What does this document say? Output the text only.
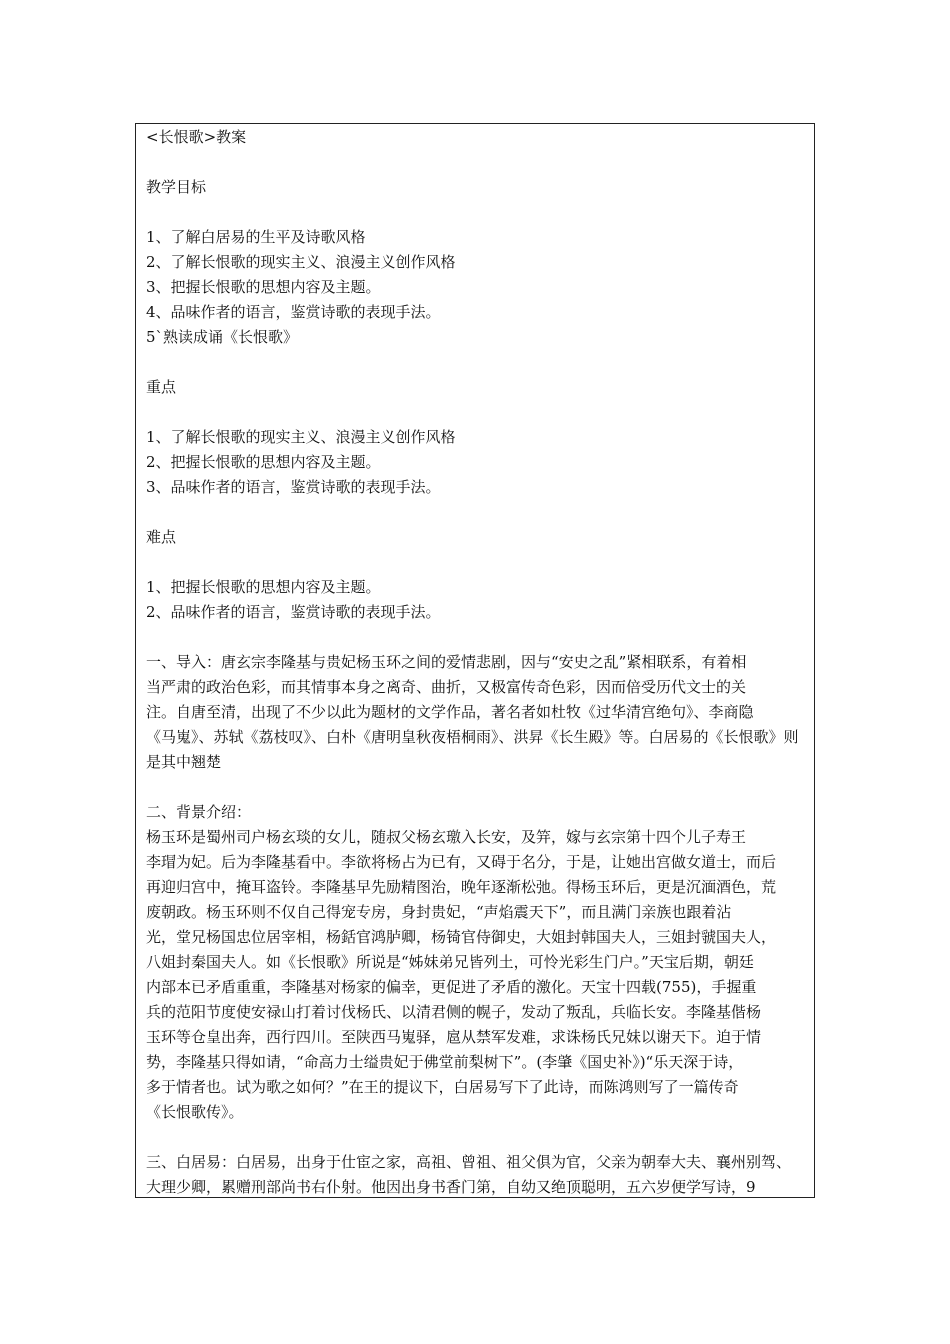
<长恨歌>教案
教学目标
1、了解白居易的生平及诗歌风格
2、了解长恨歌的现实主义、浪漫主义创作风格
3、把握长恨歌的思想内容及主题。
4、品味作者的语言，鉴赏诗歌的表现手法。
5`熟读成诵《长恨歌》
重点
1、了解长恨歌的现实主义、浪漫主义创作风格
2、把握长恨歌的思想内容及主题。
3、品味作者的语言，鉴赏诗歌的表现手法。
难点
1、把握长恨歌的思想内容及主题。
2、品味作者的语言，鉴赏诗歌的表现手法。

一、导入：唐玄宗李隆基与贵妃杨玉环之间的爱情悲剧，因与“安史之乱”紧相联系，有着相

当严肃的政治色彩，而其情事本身之离奇、曲折，又极富传奇色彩，因而倍受历代文士的关

注。自唐至清，出现了不少以此为题材的文学作品，著名者如杜牧《过华清宫绝句》、李商隐

《马嵬》、苏轼《荔枝叹》、白朴《唐明皇秋夜梧桐雨》、洪昇《长生殿》等。白居易的《长恨歌》则

是其中翘楚

二、背景介绍：

杨玉环是蜀州司户杨玄琰的女儿，随叔父杨玄璬入长安，及笄，嫁与玄宗第十四个儿子寿王

李瑁为妃。后为李隆基看中。李欲将杨占为已有，又碍于名分，于是，让她出宫做女道士，而后

再迎归宫中，掩耳盗铃。李隆基早先励精图治，晚年逐渐松弛。得杨玉环后，更是沉湎酒色，荒

废朝政。杨玉环则不仅自己得宠专房，身封贵妃，“声焰震天下”，而且满门亲族也跟着沾

光，堂兄杨国忠位居宰相，杨銛官鸿胪卿，杨锜官侍御史，大姐封韩国夫人，三姐封虢国夫人，

八姐封秦国夫人。如《长恨歌》所说是“姊妹弟兄皆列土，可怜光彩生门户。”天宝后期，朝廷

内部本已矛盾重重，李隆基对杨家的偏幸，更促进了矛盾的激化。天宝十四载(755)，手握重

兵的范阳节度使安禄山打着讨伐杨氏、以清君侧的幌子，发动了叛乱，兵临长安。李隆基偕杨

玉环等仓皇出奔，西行四川。至陕西马嵬驿，扈从禁军发难，求诛杨氏兄妹以谢天下。迫于情

势，李隆基只得如请，“命高力士缢贵妃于佛堂前梨树下”。(李肇《国史补》)“乐天深于诗，

多于情者也。试为歌之如何？”在王的提议下，白居易写下了此诗，而陈鸿则写了一篇传奇

《长恨歌传》。

三、白居易：白居易，出身于仕宦之家，高祖、曾祖、祖父俱为官，父亲为朝奉大夫、襄州别驾、

大理少卿，累赠刑部尚书右仆射。他因出身书香门第，自幼又绝顶聪明，五六岁便学写诗，9
